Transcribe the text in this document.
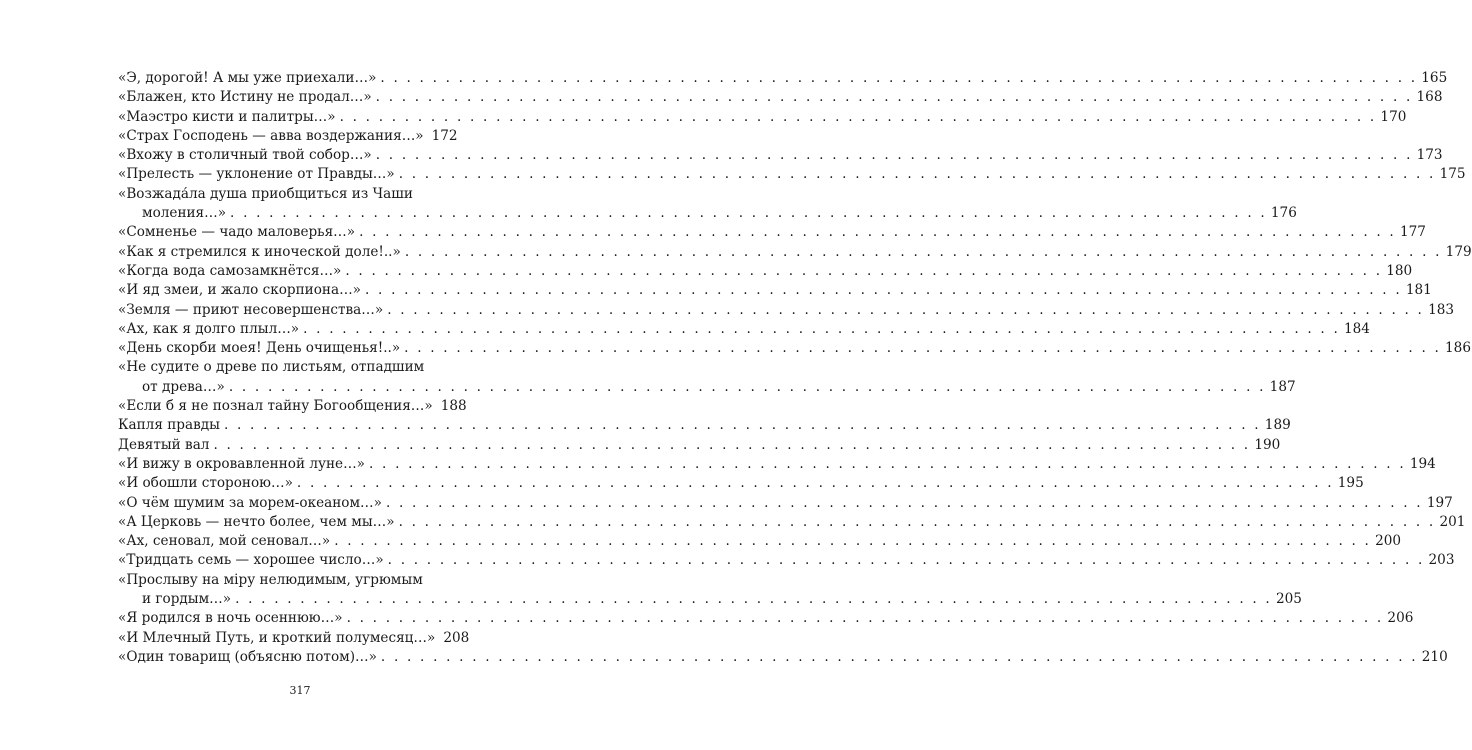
«Э, дорогой! А мы уже приехали…» . . . . . . . . . . . . . . . . . . . . . . . . . . . . . . . . . . . . . . . . . . . . . . . . . . . . . . . . . . . . . . . . . . . . . . . . . . . . . . . . 165
«Блажен, кто Истину не продал…» . . . . . . . . . . . . . . . . . . . . . . . . . . . . . . . . . . . . . . . . . . . . . . . . . . . . . . . . . . . . . . . . . . . . . . . . . . . . . . . . 168
«Маэстро кисти и палитры…» . . . . . . . . . . . . . . . . . . . . . . . . . . . . . . . . . . . . . . . . . . . . . . . . . . . . . . . . . . . . . . . . . . . . . . . . . . . . . . . . 170
«Страх Господень — авва воздержания…» 172
«Вхожу в столичный твой собор…» . . . . . . . . . . . . . . . . . . . . . . . . . . . . . . . . . . . . . . . . . . . . . . . . . . . . . . . . . . . . . . . . . . . . . . . . . . . . . . . . 173
«Прелесть — уклонение от Правды…» . . . . . . . . . . . . . . . . . . . . . . . . . . . . . . . . . . . . . . . . . . . . . . . . . . . . . . . . . . . . . . . . . . . . . . . . . . . . . . . . 175
«Возжада́ла душа приобщиться из Чаши
моления…» . . . . . . . . . . . . . . . . . . . . . . . . . . . . . . . . . . . . . . . . . . . . . . . . . . . . . . . . . . . . . . . . . . . . . . . . . . . . . . . . 176
«Сомненье — чадо маловерья…» . . . . . . . . . . . . . . . . . . . . . . . . . . . . . . . . . . . . . . . . . . . . . . . . . . . . . . . . . . . . . . . . . . . . . . . . . . . . . . . . 177
«Как я стремился к иноческой доле!..» . . . . . . . . . . . . . . . . . . . . . . . . . . . . . . . . . . . . . . . . . . . . . . . . . . . . . . . . . . . . . . . . . . . . . . . . . . . . . . . . 179
«Когда вода самозамкнётся…» . . . . . . . . . . . . . . . . . . . . . . . . . . . . . . . . . . . . . . . . . . . . . . . . . . . . . . . . . . . . . . . . . . . . . . . . . . . . . . . . 180
«И яд змеи, и жало скорпиона…» . . . . . . . . . . . . . . . . . . . . . . . . . . . . . . . . . . . . . . . . . . . . . . . . . . . . . . . . . . . . . . . . . . . . . . . . . . . . . . . . 181
«Земля — приют несовершенства…» . . . . . . . . . . . . . . . . . . . . . . . . . . . . . . . . . . . . . . . . . . . . . . . . . . . . . . . . . . . . . . . . . . . . . . . . . . . . . . . . 183
«Ах, как я долго плыл…» . . . . . . . . . . . . . . . . . . . . . . . . . . . . . . . . . . . . . . . . . . . . . . . . . . . . . . . . . . . . . . . . . . . . . . . . . . . . . . . . 184
«День скорби моея! День очищенья!..» . . . . . . . . . . . . . . . . . . . . . . . . . . . . . . . . . . . . . . . . . . . . . . . . . . . . . . . . . . . . . . . . . . . . . . . . . . . . . . . . 186
«Не судите о древе по листьям, отпадшим
от древа…» . . . . . . . . . . . . . . . . . . . . . . . . . . . . . . . . . . . . . . . . . . . . . . . . . . . . . . . . . . . . . . . . . . . . . . . . . . . . . . . . 187
«Если б я не познал тайну Богообщения…» 188
Капля правды . . . . . . . . . . . . . . . . . . . . . . . . . . . . . . . . . . . . . . . . . . . . . . . . . . . . . . . . . . . . . . . . . . . . . . . . . . . . . . . . 189
Девятый вал . . . . . . . . . . . . . . . . . . . . . . . . . . . . . . . . . . . . . . . . . . . . . . . . . . . . . . . . . . . . . . . . . . . . . . . . . . . . . . . . 190
«И вижу в окровавленной луне…» . . . . . . . . . . . . . . . . . . . . . . . . . . . . . . . . . . . . . . . . . . . . . . . . . . . . . . . . . . . . . . . . . . . . . . . . . . . . . . . . 194
«И обошли стороною…» . . . . . . . . . . . . . . . . . . . . . . . . . . . . . . . . . . . . . . . . . . . . . . . . . . . . . . . . . . . . . . . . . . . . . . . . . . . . . . . . 195
«О чём шумим за морем-океаном…» . . . . . . . . . . . . . . . . . . . . . . . . . . . . . . . . . . . . . . . . . . . . . . . . . . . . . . . . . . . . . . . . . . . . . . . . . . . . . . . . 197
«А Церковь — нечто более, чем мы…» . . . . . . . . . . . . . . . . . . . . . . . . . . . . . . . . . . . . . . . . . . . . . . . . . . . . . . . . . . . . . . . . . . . . . . . . . . . . . . . . 201
«Ах, сеновал, мой сеновал…» . . . . . . . . . . . . . . . . . . . . . . . . . . . . . . . . . . . . . . . . . . . . . . . . . . . . . . . . . . . . . . . . . . . . . . . . . . . . . . . . 200
«Тридцать семь — хорошее число…» . . . . . . . . . . . . . . . . . . . . . . . . . . . . . . . . . . . . . . . . . . . . . . . . . . . . . . . . . . . . . . . . . . . . . . . . . . . . . . . . 203
«Прослыву на міру нелюдимым, угрюмым
и гордым…» . . . . . . . . . . . . . . . . . . . . . . . . . . . . . . . . . . . . . . . . . . . . . . . . . . . . . . . . . . . . . . . . . . . . . . . . . . . . . . . . 205
«Я родился в ночь осеннюю…» . . . . . . . . . . . . . . . . . . . . . . . . . . . . . . . . . . . . . . . . . . . . . . . . . . . . . . . . . . . . . . . . . . . . . . . . . . . . . . . . 206
«И Млечный Путь, и кроткий полумесяц…» 208
«Один товарищ (объясню потом)…» . . . . . . . . . . . . . . . . . . . . . . . . . . . . . . . . . . . . . . . . . . . . . . . . . . . . . . . . . . . . . . . . . . . . . . . . . . . . . . . . 210
317
